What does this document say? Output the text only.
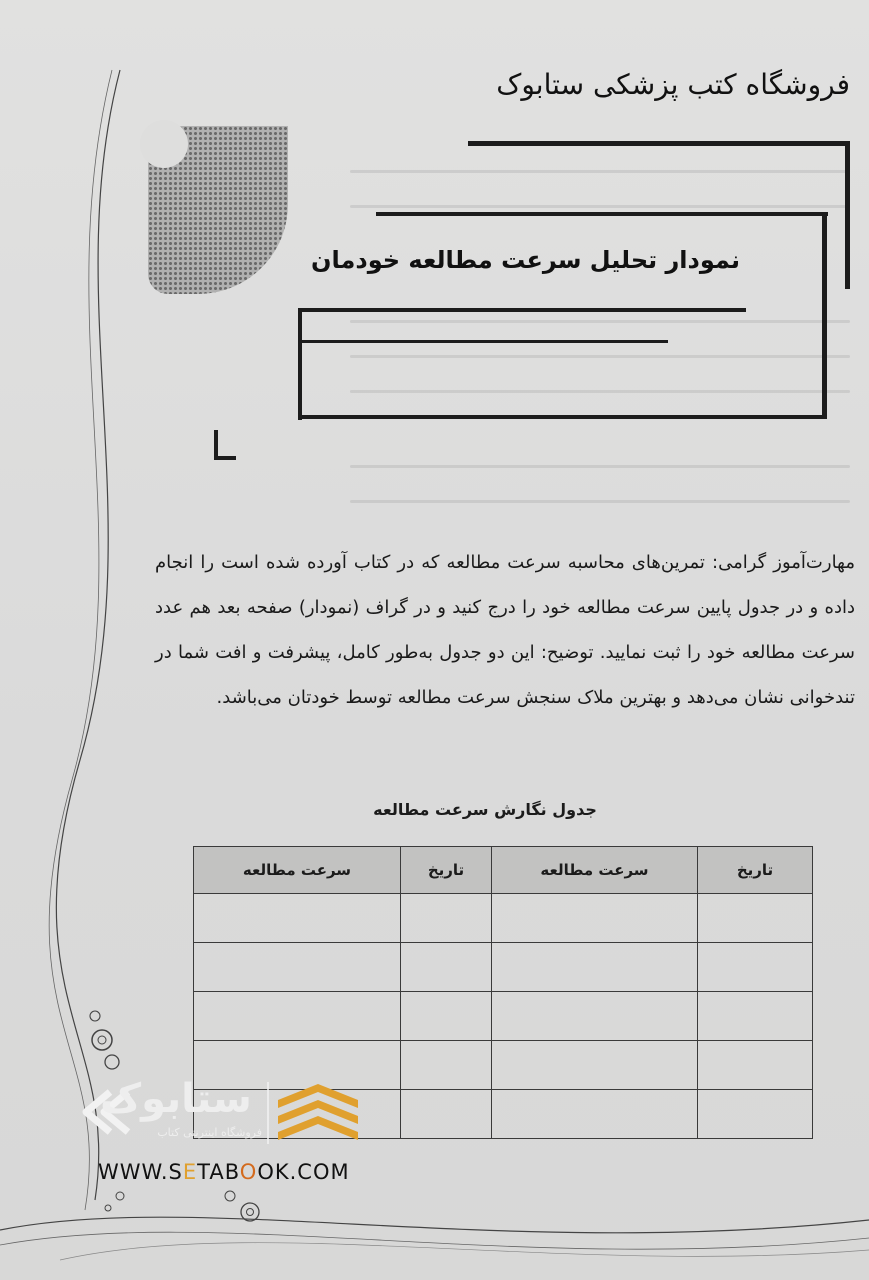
فروشگاه کتب پزشکی ستابوک
نمودار تحلیل سرعت مطالعه خودمان

مهارت‌آموز گرامی: تمرین‌های محاسبه سرعت مطالعه که در کتاب آورده شده است را انجام داده و در جدول پایین سرعت مطالعه خود را درج کنید و در گراف (نمودار) صفحه بعد هم عدد سرعت مطالعه خود را ثبت نمایید. توضیح: این دو جدول به‌طور کامل، پیشرفت و افت شما در تندخوانی نشان می‌دهد و بهترین ملاک سنجش سرعت مطالعه توسط خودتان می‌باشد.

جدول نگارش سرعت مطالعه
تاریخ	سرعت مطالعه	تاریخ	سرعت مطالعه

ستابوک
فروشگاه اینترنتی کتاب
WWW.SETABOOK.COM
